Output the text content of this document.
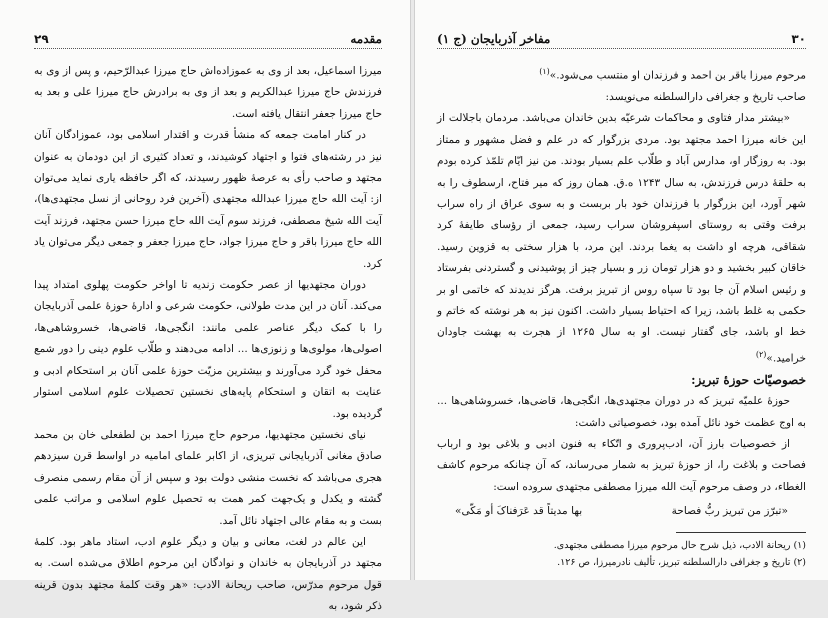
۲۹	مقدمه

میرزا اسماعیل، بعد از وی به عموزاده‌اش حاج میرزا عبدالرّحیم، و پس از وی به فرزندش حاج میرزا عبدالکریم و بعد از وی به برادرش حاج میرزا علی و بعد به حاج میرزا جعفر انتقال یافته است.

در کنار امامت جمعه که منشأ قدرت و اقتدار اسلامی بود، عموزادگان آنان نیز در رشته‌های فتوا و اجتهاد کوشیدند، و تعداد کثیری از این دودمان به عنوان مجتهد و صاحب رأی به عرصهٔ ظهور رسیدند، که اگر حافظه یاری نماید می‌توان از: آیت الله حاج میرزا عبدالله مجتهدی (آخرین فرد روحانی از نسل مجتهدی‌ها)، آیت الله شیخ مصطفی، فرزند سوم آیت الله حاج میرزا حسن مجتهد، فرزند آیت الله حاج میرزا باقر و حاج میرزا جواد، حاج میرزا جعفر و جمعی دیگر می‌توان یاد کرد.

دوران مجتهدیها از عصر حکومت زندیه تا اواخر حکومت پهلوی امتداد پیدا می‌کند. آنان در این مدت طولانی، حکومت شرعی و ادارهٔ حوزهٔ علمی آذربایجان را با کمک دیگر عناصر علمی مانند: انگجی‌ها، قاضی‌ها، خسروشاهی‌ها، اصولی‌ها، مولوی‌ها و زنوزی‌ها ... ادامه می‌دهند و طلّاب علوم دینی را دور شمع محفل خود گرد می‌آورند و بیشترین مزیّت حوزهٔ علمی آنان بر استحکام ادبی و عنایت به اتقان و استحکام پایه‌های نخستین تحصیلات علوم اسلامی استوار گردیده بود.

نیای نخستین مجتهدیها، مرحوم حاج میرزا احمد بن لطفعلی خان بن محمد صادق مغانی آذربایجانی تبریزی، از اکابر علمای امامیه در اواسط قرن سیزدهم هجری می‌باشد که نخست منشی دولت بود و سپس از آن مقام رسمی منصرف گشته و یکدل و یک‌جهت کمر همت به تحصیل علوم اسلامی و مراتب علمی بست و به مقام عالی اجتهاد نائل آمد.

این عالم در لغت، معانی و بیان و دیگر علوم ادب، استاد ماهر بود. کلمهٔ مجتهد در آذربایجان به خاندان و نوادگان این مرحوم اطلاق می‌شده است. به قول مرحوم مدرّس، صاحب ریحانة الادب: «هر وقت کلمهٔ مجتهد بدون قرینه ذکر شود، به

مفاخر آذربایجان (ج ۱)	۳۰

مرحوم میرزا باقر بن احمد و فرزندان او منتسب می‌شود.»$^{(۱)}$

صاحب تاریخ و جغرافی دارالسلطنه می‌نویسد:

«بیشتر مدار فتاوی و محاکمات شرعیّه بدین خاندان می‌باشد. مردمان باجلالت از این خانه میرزا احمد مجتهد بود. مردی بزرگوار که در علم و فضل مشهور و ممتاز بود. به روزگار او، مدارس آباد و طلّاب علم بسیار بودند. من نیز ایّام تلمّذ کرده بودم به حلقهٔ درس فرزندش، به سال ۱۲۴۳ ه.ق. همان روز که میر فتاح، ارسطوف را به شهر آورد، این بزرگوار با فرزندان خود بار بربست و به سوی عراق از راه سراب برفت وقتی به روستای اسپفروشان سراب رسید، جمعی از رؤسای طایفهٔ کرد شقاقی، هرچه او داشت به یغما بردند. این مرد، با هزار سختی به قزوین رسید. خاقان کبیر بخشید و دو هزار تومان زر و بسیار چیز از پوشیدنی و گستردنی بفرستاد و رئیس اسلام آن جا بود تا سپاه روس از تبریز برفت. هرگز ندیدند که خاتمی او بر حکمی به غلط باشد، زیرا که احتیاط بسیار داشت. اکنون نیز به هر نوشته که خاتم و خط او باشد، جای گفتار نیست. او به سال ۱۲۶۵ از هجرت به بهشت جاودان خرامید.»$^{(۲)}$

خصوصیّات حوزهٔ تبریز:

حوزهٔ علمیّه تبریز که در دوران مجتهدی‌ها، انگجی‌ها، قاضی‌ها، خسروشاهی‌ها ... به اوج عظمت خود نائل آمده بود، خصوصیاتی داشت:

از خصوصیات بارز آن، ادب‌پروری و اتّکاء به فنون ادبی و بلاغی بود و ارباب فصاحت و بلاغت را، از حوزهٔ تبریز به شمار می‌رساند، که آن چنانکه مرحوم کاشف الغطاء، در وصف مرحوم آیت الله میرزا مصطفی مجتهدی سروده است:

«تبرّز من تبریز ربُّ فصاحة
بها مدیتاً قد عَرَفناکَ أو مَکّی»

(۱) ریحانة الادب، ذیل شرح حال مرحوم میرزا مصطفی مجتهدی.

(۲) تاریخ و جغرافی دارالسلطنه تبریز، تألیف نادرمیرزا، ص ۱۲۶.
